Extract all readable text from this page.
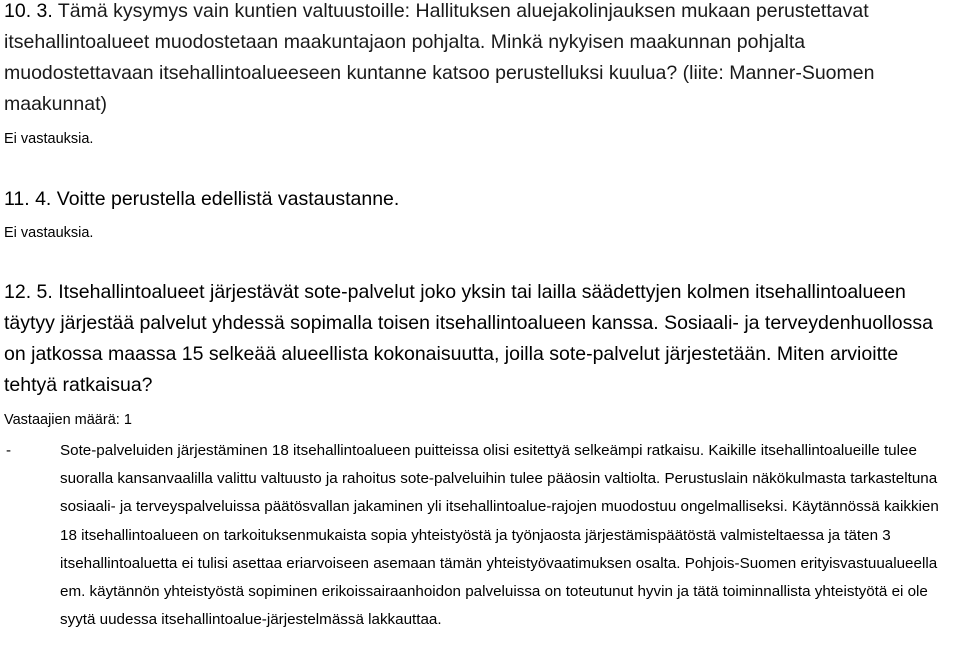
10. 3. Tämä kysymys vain kuntien valtuustoille: Hallituksen aluejakolinjauksen mukaan perustettavat itsehallintoalueet muodostetaan maakuntajaon pohjalta. Minkä nykyisen maakunnan pohjalta muodostettavaan itsehallintoalueeseen kuntanne katsoo perustelluksi kuulua? (liite: Manner-Suomen maakunnat)
Ei vastauksia.
11. 4. Voitte perustella edellistä vastaustanne.
Ei vastauksia.
12. 5. Itsehallintoalueet järjestävät sote-palvelut joko yksin tai lailla säädettyjen kolmen itsehallintoalueen täytyy järjestää palvelut yhdessä sopimalla toisen itsehallintoalueen kanssa. Sosiaali- ja terveydenhuollossa on jatkossa maassa 15 selkeää alueellista kokonaisuutta, joilla sote-palvelut järjestetään. Miten arvioitte tehtyä ratkaisua?
Vastaajien määrä: 1
-	Sote-palveluiden järjestäminen 18 itsehallintoalueen puitteissa olisi esitettyä selkeämpi ratkaisu. Kaikille itsehallintoalueille tulee suoralla kansanvaalilla valittu valtuusto ja rahoitus sote-palveluihin tulee pääosin valtiolta. Perustuslain näkökulmasta tarkasteltuna sosiaali- ja terveyspalveluissa päätösvallan jakaminen yli itsehallintoalue-rajojen muodostuu ongelmalliseksi. Käytännössä kaikkien 18 itsehallintoalueen on tarkoituksenmukaista sopia yhteistyöstä ja työnjaosta järjestämispäätöstä valmisteltaessa ja täten 3 itsehallintoaluetta ei tulisi asettaa eriarvoiseen asemaan tämän yhteistyövaatimuksen osalta. Pohjois-Suomen erityisvastuualueella em. käytännön yhteistyöstä sopiminen erikoissairaanhoidon palveluissa on toteutunut hyvin ja tätä toiminnallista yhteistyötä ei ole syytä uudessa itsehallintoalue-järjestelmässä lakkauttaa.
